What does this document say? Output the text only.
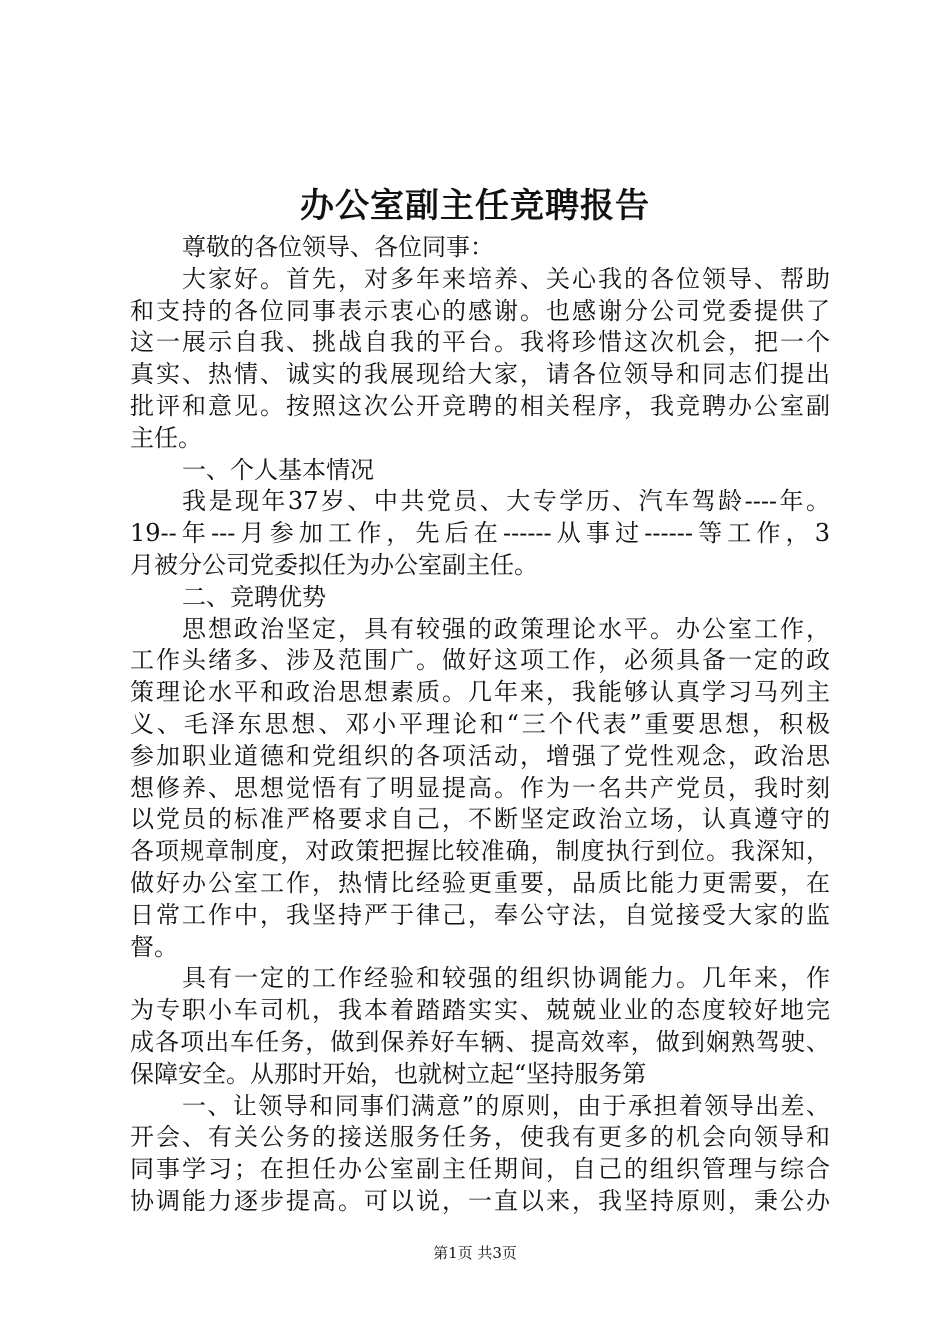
办公室副主任竞聘报告
尊敬的各位领导、各位同事：
大家好。首先，对多年来培养、关心我的各位领导、帮助
和支持的各位同事表示衷心的感谢。也感谢分公司党委提供了
这一展示自我、挑战自我的平台。我将珍惜这次机会，把一个
真实、热情、诚实的我展现给大家，请各位领导和同志们提出
批评和意见。按照这次公开竞聘的相关程序，我竞聘办公室副
主任。
一、个人基本情况
我是现年37岁、中共党员、大专学历、汽车驾龄----年。
19--年---月参加工作，先后在------从事过------等工作，3
月被分公司党委拟任为办公室副主任。
二、竞聘优势
思想政治坚定，具有较强的政策理论水平。办公室工作，
工作头绪多、涉及范围广。做好这项工作，必须具备一定的政
策理论水平和政治思想素质。几年来，我能够认真学习马列主
义、毛泽东思想、邓小平理论和“三个代表”重要思想，积极
参加职业道德和党组织的各项活动，增强了党性观念，政治思
想修养、思想觉悟有了明显提高。作为一名共产党员，我时刻
以党员的标准严格要求自己，不断坚定政治立场，认真遵守的
各项规章制度，对政策把握比较准确，制度执行到位。我深知，
做好办公室工作，热情比经验更重要，品质比能力更需要，在
日常工作中，我坚持严于律己，奉公守法，自觉接受大家的监
督。
具有一定的工作经验和较强的组织协调能力。几年来，作
为专职小车司机，我本着踏踏实实、兢兢业业的态度较好地完
成各项出车任务，做到保养好车辆、提高效率，做到娴熟驾驶、
保障安全。从那时开始，也就树立起“坚持服务第
一、让领导和同事们满意”的原则，由于承担着领导出差、
开会、有关公务的接送服务任务，使我有更多的机会向领导和
同事学习；在担任办公室副主任期间，自己的组织管理与综合
协调能力逐步提高。可以说，一直以来，我坚持原则，秉公办
第1页 共3页
